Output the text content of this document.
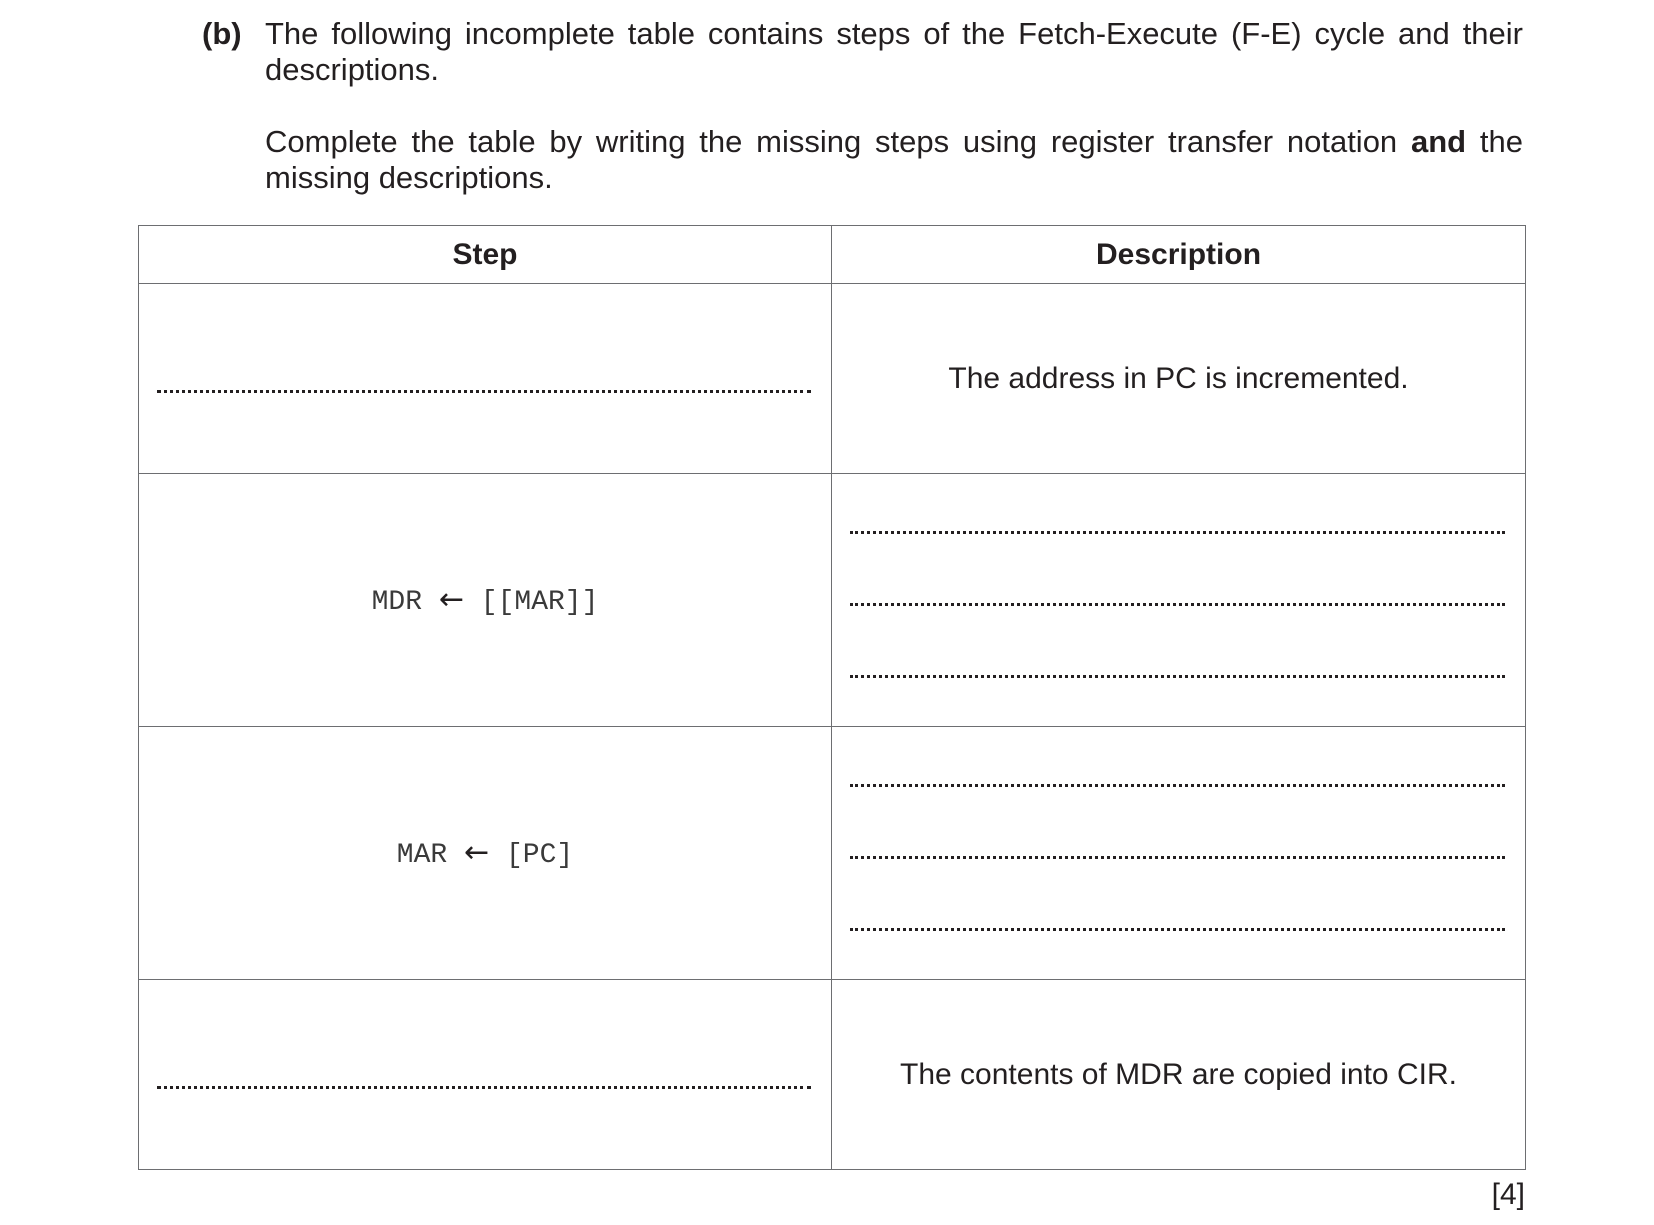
(b) The following incomplete table contains steps of the Fetch-Execute (F-E) cycle and their descriptions.
Complete the table by writing the missing steps using register transfer notation and the missing descriptions.
Step	Description

	The address in PC is incremented.
MDR ← [[MAR]]	

MAR ← [PC]	

	The contents of MDR are copied into CIR.
[4]
